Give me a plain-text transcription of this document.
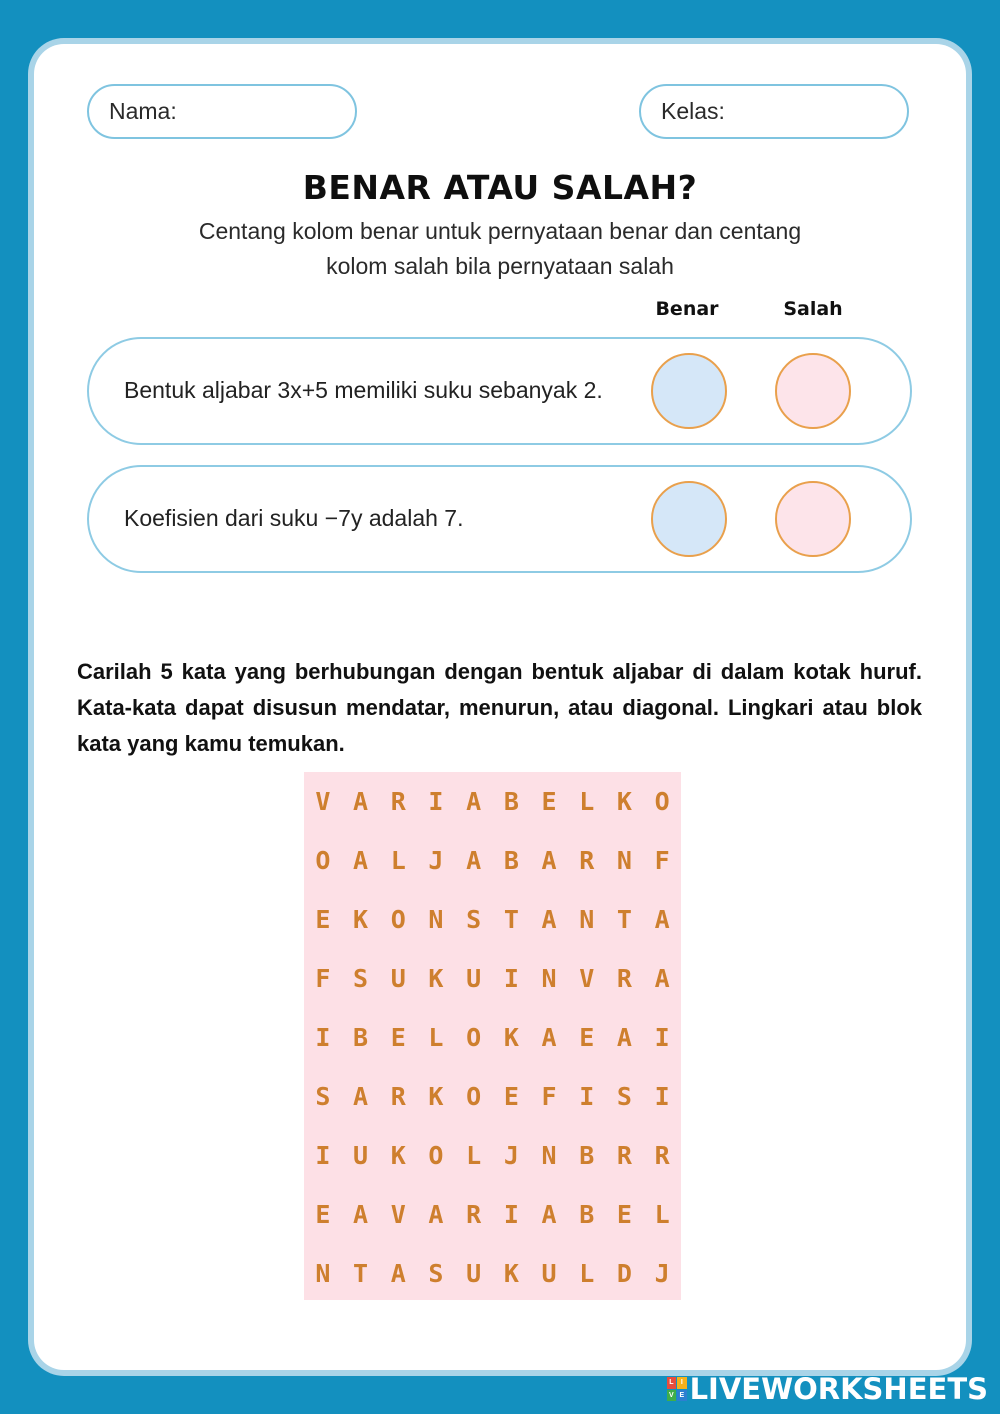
Nama:	Kelas:
BENAR ATAU SALAH?
Centang kolom benar untuk pernyataan benar dan centang kolom salah bila pernyataan salah
Benar	Salah
Bentuk aljabar 3x+5 memiliki suku sebanyak 2.
Koefisien dari suku −7y adalah 7.
Carilah 5 kata yang berhubungan dengan bentuk aljabar di dalam kotak huruf. Kata-kata dapat disusun mendatar, menurun, atau diagonal. Lingkari atau blok kata yang kamu temukan.
V A R I A B E L K O
O A L J A B A R N F
E K O N S T A N T A
F S U K U I N V R A
I B E L O K A E A I
S A R K O E F I S I
I U K O L J N B R R
E A V A R I A B E L
N T A S U K U L D J
L	I
V E LIVEWORKSHEETS
